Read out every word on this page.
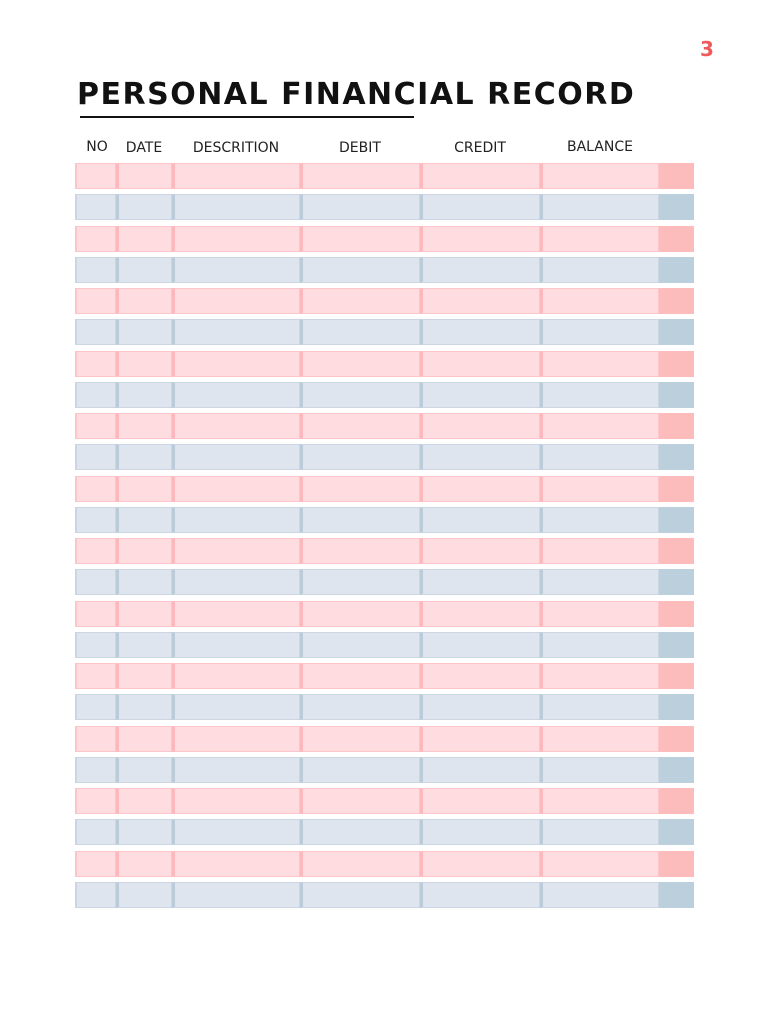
3
PERSONAL FINANCIAL RECORD
NO	DATE	DESCRITION	DEBIT	CREDIT	BALANCE
